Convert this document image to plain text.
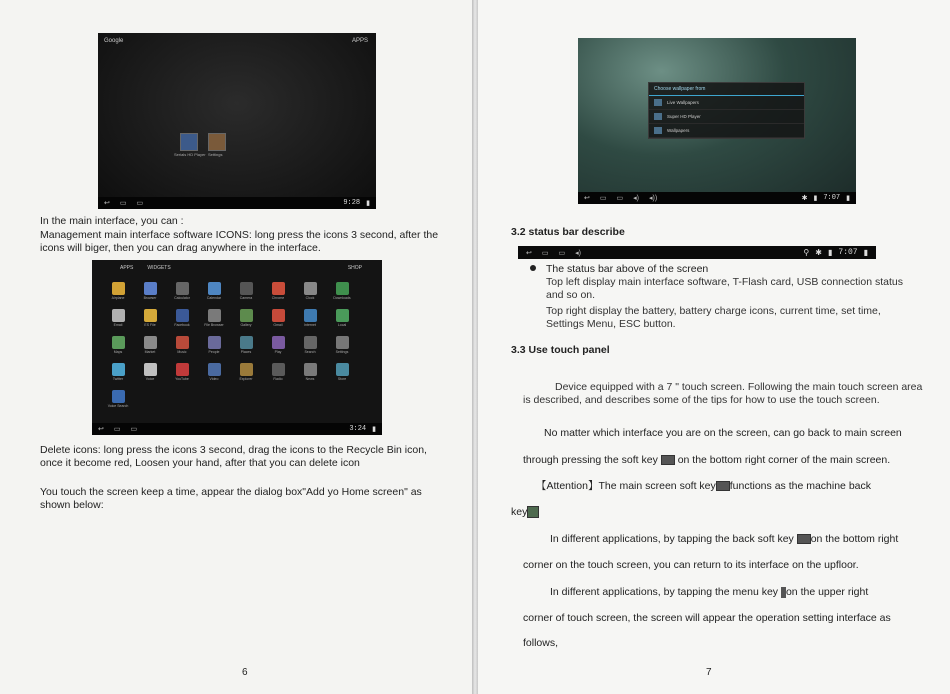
Google	APPS
Serials HD Player Settings
↩ ▭ ▭	9:28 ▮

In the main interface, you can :

Management main interface software ICONS: long press the icons 3 second, after the icons will biger, then you can drag anywhere in the interface.

APPS	WIDGETS	SHOP
Airplane	Browser	Calculator	Calendar	Camera	Chrome	Clock	Downloads
Email	ES File	Facebook	File Browser	Gallery	Gmail	Internet	Local
Maps	Market	Music	People	Places	Play	Search	Settings
Twitter	Voice	YouTube	Video	Explorer	Radio	News	Store
Voice Search
↩ ▭ ▭	3:24 ▮

Delete icons: long press the icons 3 second, drag the icons to the Recycle Bin icon, once it become red, Loosen your hand, after that you can delete icon

You touch the screen keep a time, appear the dialog box"Add yo Home screen" as shown below:

6
Choose wallpaper from
Live Wallpapers
Super HD Player
Wallpapers
↩ ▭ ▭ ◂) ◂))	✱ ▮ 7:07 ▮
3.2 status bar describe
↩ ▭ ▭ ◂)	⚲ ✱ ▮ 7:07 ▮

The status bar above of the screen

Top left display main interface software, T-Flash card, USB connection status and so on.

Top right display the battery, battery charge icons, current time, set time, Settings Menu, ESC button.

3.3 Use touch panel

Device equipped with a 7 " touch screen. Following the main touch screen area is described, and describes some of the tips for how to use the touch screen.

No matter which interface you are on the screen, can go back to main screen

through pressing the soft key on the bottom right corner of the main screen.

【Attention】The main screen soft key functions as the machine back

key

In different applications, by tapping the back soft key on the bottom right

corner on the touch screen, you can return to its interface on the upfloor.

In different applications, by tapping the menu key on the upper right

corner of touch screen, the screen will appear the operation setting interface as

follows,

7
